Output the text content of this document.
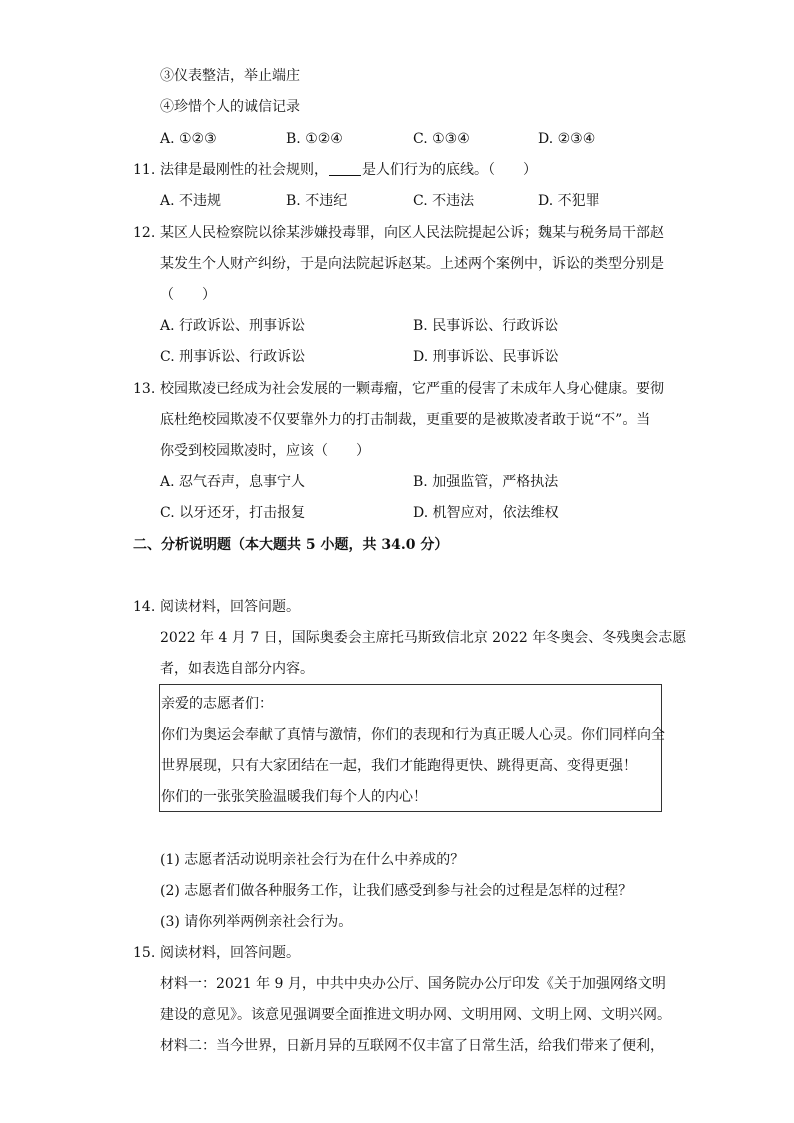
③仪表整洁，举止端庄
④珍惜个人的诚信记录
A. ①②③	B. ①②④	C. ①③④	D. ②③④
11. 法律是最刚性的社会规则， 是人们行为的底线。（　　）
A. 不违规	B. 不违纪	C. 不违法	D. 不犯罪
12. 某区人民检察院以徐某涉嫌投毒罪，向区人民法院提起公诉；魏某与税务局干部赵
某发生个人财产纠纷，于是向法院起诉赵某。上述两个案例中，诉讼的类型分别是
（　　）
A. 行政诉讼、刑事诉讼	B. 民事诉讼、行政诉讼
C. 刑事诉讼、行政诉讼	D. 刑事诉讼、民事诉讼
13. 校园欺凌已经成为社会发展的一颗毒瘤，它严重的侵害了未成年人身心健康。要彻
底杜绝校园欺凌不仅要靠外力的打击制裁，更重要的是被欺凌者敢于说“不”。当
你受到校园欺凌时，应该（　　）
A. 忍气吞声，息事宁人	B. 加强监管，严格执法
C. 以牙还牙，打击报复	D. 机智应对，依法维权
二、分析说明题（本大题共 5 小题，共 34.0 分）
14. 阅读材料，回答问题。
2022 年 4 月 7 日，国际奥委会主席托马斯致信北京 2022 年冬奥会、冬残奥会志愿
者，如表选自部分内容。
亲爱的志愿者们：
你们为奥运会奉献了真情与激情，你们的表现和行为真正暖人心灵。你们同样向全
世界展现，只有大家团结在一起，我们才能跑得更快、跳得更高、变得更强！
你们的一张张笑脸温暖我们每个人的内心！
(1) 志愿者活动说明亲社会行为在什么中养成的？
(2) 志愿者们做各种服务工作，让我们感受到参与社会的过程是怎样的过程？
(3) 请你列举两例亲社会行为。
15. 阅读材料，回答问题。
材料一：2021 年 9 月，中共中央办公厅、国务院办公厅印发《关于加强网络文明
建设的意见》。该意见强调要全面推进文明办网、文明用网、文明上网、文明兴网。
材料二：当今世界，日新月异的互联网不仅丰富了日常生活，给我们带来了便利，
